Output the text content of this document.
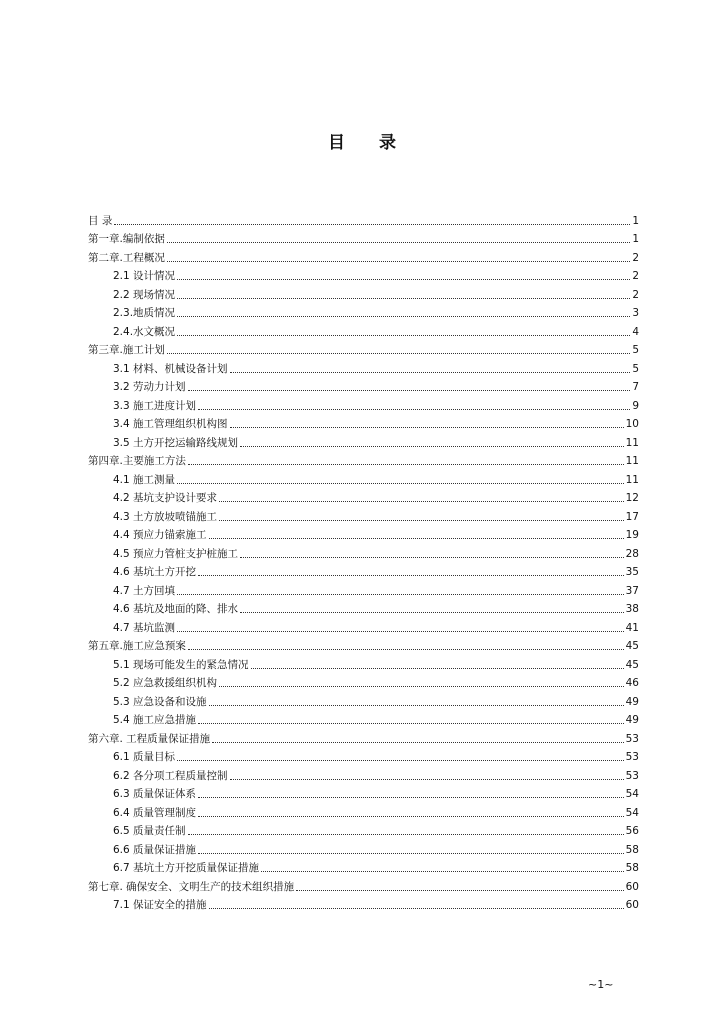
目 录
目 录	1
第一章.编制依据	1
第二章.工程概况	2
2.1 设计情况	2
2.2 现场情况	2
2.3.地质情况	3
2.4.水文概况	4
第三章.施工计划	5
3.1 材料、机械设备计划	5
3.2 劳动力计划	7
3.3 施工进度计划	9
3.4 施工管理组织机构图	10
3.5 土方开挖运输路线规划	11
第四章.主要施工方法	11
4.1 施工测量	11
4.2 基坑支护设计要求	12
4.3 土方放坡喷锚施工	17
4.4 预应力锚索施工	19
4.5 预应力管桩支护桩施工	28
4.6 基坑土方开挖	35
4.7 土方回填	37
4.6 基坑及地面的降、排水	38
4.7 基坑监测	41
第五章.施工应急预案	45
5.1 现场可能发生的紧急情况	45
5.2 应急救援组织机构	46
5.3 应急设备和设施	49
5.4 施工应急措施	49
第六章. 工程质量保证措施	53
6.1 质量目标	53
6.2 各分项工程质量控制	53
6.3 质量保证体系	54
6.4 质量管理制度	54
6.5 质量责任制	56
6.6 质量保证措施	58
6.7 基坑土方开挖质量保证措施	58
第七章. 确保安全、文明生产的技术组织措施	60
7.1 保证安全的措施	60
~1~
